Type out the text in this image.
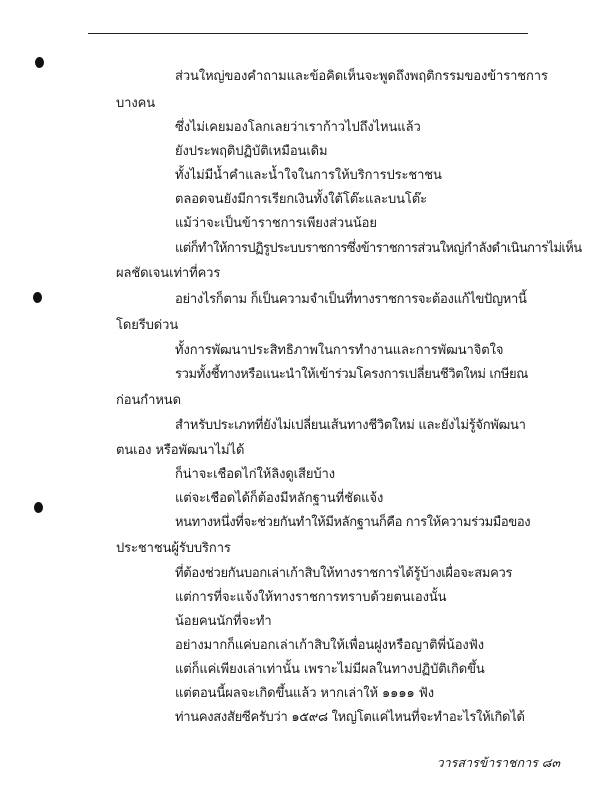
ส่วนใหญ่ของคำถามและข้อคิดเห็นจะพูดถึงพฤติกรรมของข้าราชการ
บางคน
ซึ่งไม่เคยมองโลกเลยว่าเราก้าวไปถึงไหนแล้ว
ยังประพฤติปฏิบัติเหมือนเดิม
ทั้งไม่มีน้ำคำและน้ำใจในการให้บริการประชาชน
ตลอดจนยังมีการเรียกเงินทั้งใต้โต๊ะและบนโต๊ะ
แม้ว่าจะเป็นข้าราชการเพียงส่วนน้อย
แต่ก็ทำให้การปฏิรูประบบราชการซึ่งข้าราชการส่วนใหญ่กำลังดำเนินการไม่เห็น
ผลชัดเจนเท่าที่ควร
อย่างไรก็ตาม ก็เป็นความจำเป็นที่ทางราชการจะต้องแก้ไขปัญหานี้
โดยรีบด่วน
ทั้งการพัฒนาประสิทธิภาพในการทำงานและการพัฒนาจิตใจ
รวมทั้งชี้ทางหรือแนะนำให้เข้าร่วมโครงการเปลี่ยนชีวิตใหม่ เกษียณ
ก่อนกำหนด
สำหรับประเภทที่ยังไม่เปลี่ยนเส้นทางชีวิตใหม่ และยังไม่รู้จักพัฒนา
ตนเอง หรือพัฒนาไม่ได้
ก็น่าจะเชือดไก่ให้ลิงดูเสียบ้าง
แต่จะเชือดได้ก็ต้องมีหลักฐานที่ชัดแจ้ง
หนทางหนึ่งที่จะช่วยกันทำให้มีหลักฐานก็คือ การให้ความร่วมมือของ
ประชาชนผู้รับบริการ
ที่ต้องช่วยกันบอกเล่าเก้าสิบให้ทางราชการได้รู้บ้างเผื่อจะสมควร
แต่การที่จะแจ้งให้ทางราชการทราบด้วยตนเองนั้น
น้อยคนนักที่จะทำ
อย่างมากก็แค่บอกเล่าเก้าสิบให้เพื่อนฝูงหรือญาติพี่น้องฟัง
แต่ก็แค่เพียงเล่าเท่านั้น เพราะไม่มีผลในทางปฏิบัติเกิดขึ้น
แต่ตอนนี้ผลจะเกิดขึ้นแล้ว หากเล่าให้ ๑๑๑๑ ฟัง
ท่านคงสงสัยซีครับว่า ๑๕๙๘ ใหญ่โตแค่ไหนที่จะทำอะไรให้เกิดได้
วารสารข้าราชการ ๘๓
